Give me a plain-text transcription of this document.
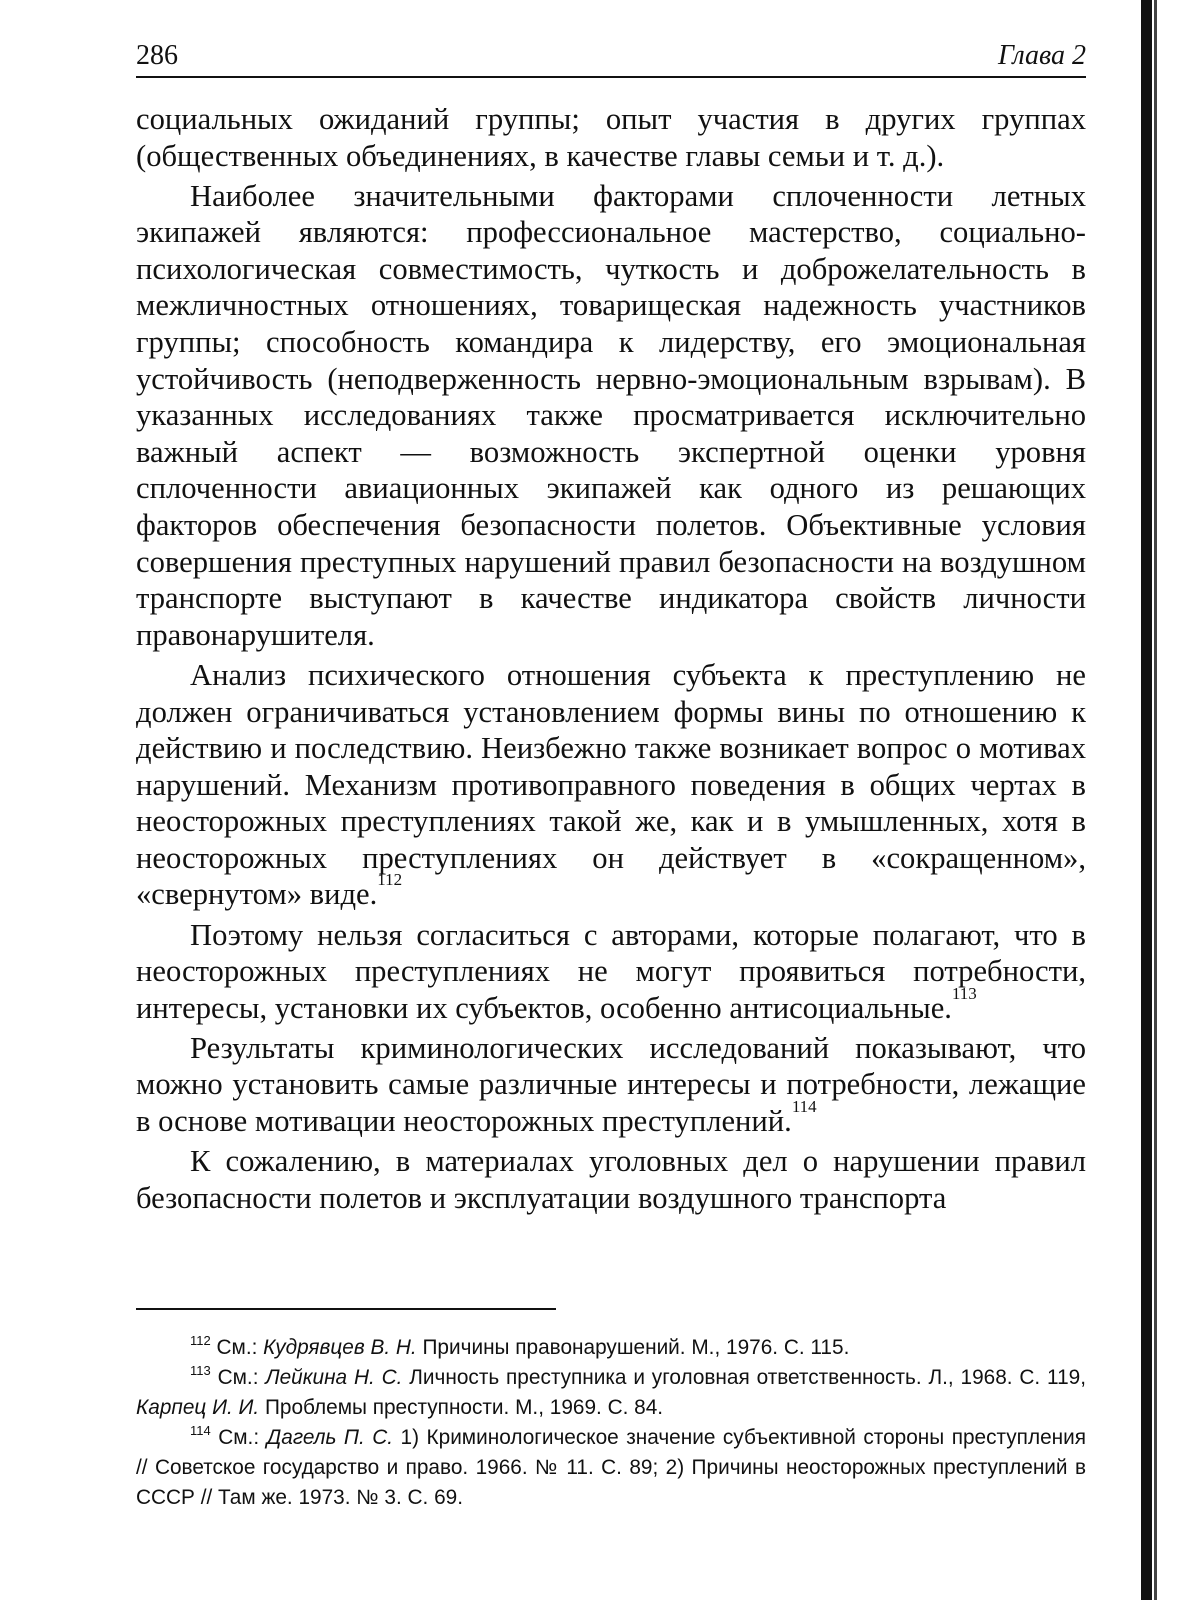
286	Глава 2

социальных ожиданий группы; опыт участия в других группах (общественных объединениях, в качестве главы семьи и т. д.).

Наиболее значительными факторами сплоченности летных экипажей являются: профессиональное мастерство, социально-психологическая совместимость, чуткость и доброжелательность в межличностных отношениях, товарищеская надежность участников группы; способность командира к лидерству, его эмоциональная устойчивость (неподверженность нервно-эмоциональным взрывам). В указанных исследованиях также просматривается исключительно важный аспект — возможность экспертной оценки уровня сплоченности авиационных экипажей как одного из решающих факторов обеспечения безопасности полетов. Объективные условия совершения преступных нарушений правил безопасности на воздушном транспорте выступают в качестве индикатора свойств личности правонарушителя.

Анализ психического отношения субъекта к преступлению не должен ограничиваться установлением формы вины по отношению к действию и последствию. Неизбежно также возникает вопрос о мотивах нарушений. Механизм противоправного поведения в общих чертах в неосторожных преступлениях такой же, как и в умышленных, хотя в неосторожных преступлениях он действует в «сокращенном», «свернутом» виде.$^{112}$

Поэтому нельзя согласиться с авторами, которые полагают, что в неосторожных преступлениях не могут проявиться потребности, интересы, установки их субъектов, особенно антисоциальные.$^{113}$

Результаты криминологических исследований показывают, что можно установить самые различные интересы и потребности, лежащие в основе мотивации неосторожных преступлений.$^{114}$

К сожалению, в материалах уголовных дел о нарушении правил безопасности полетов и эксплуатации воздушного транспорта

$^{112}$ См.: Кудрявцев В. Н. Причины правонарушений. М., 1976. С. 115.

$^{113}$ См.: Лейкина Н. С. Личность преступника и уголовная ответственность. Л., 1968. С. 119, Карпец И. И. Проблемы преступности. М., 1969. С. 84.

$^{114}$ См.: Дагель П. С. 1) Криминологическое значение субъективной стороны преступления // Советское государство и право. 1966. № 11. С. 89; 2) Причины неосторожных преступлений в СССР // Там же. 1973. № 3. С. 69.
